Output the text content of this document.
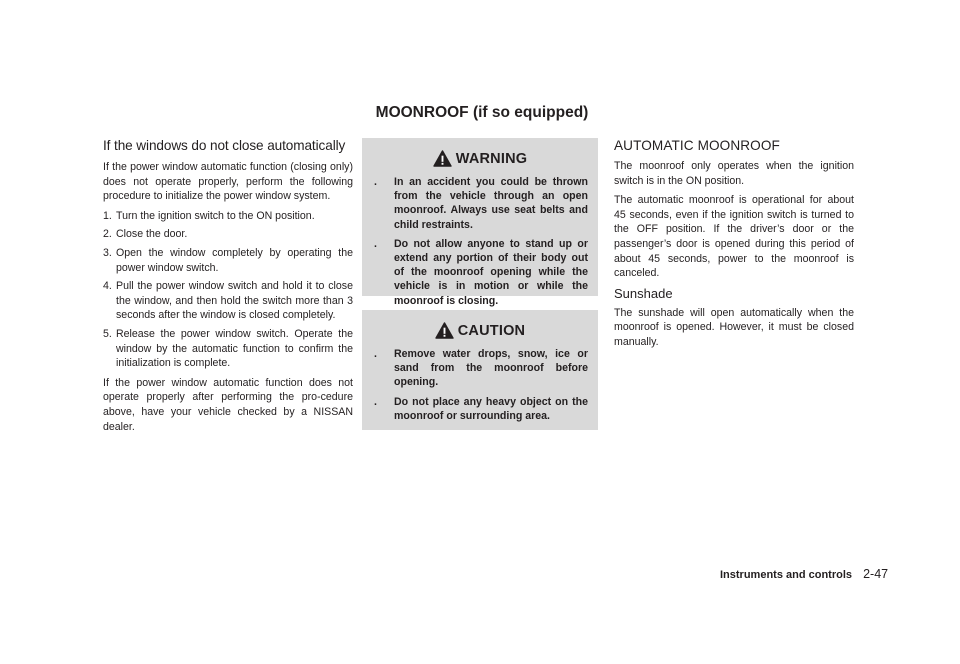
MOONROOF (if so equipped)
If the windows do not close automatically

If the power window automatic function (closing only) does not operate properly, perform the following procedure to initialize the power window system.

1. Turn the ignition switch to the ON position.
2. Close the door.
3. Open the window completely by operating the power window switch.
4. Pull the power window switch and hold it to close the window, and then hold the switch more than 3 seconds after the window is closed completely.
5. Release the power window switch. Operate the window by the automatic function to confirm the initialization is complete.

If the power window automatic function does not operate properly after performing the pro-cedure above, have your vehicle checked by a NISSAN dealer.

WARNING
.	In an accident you could be thrown from the vehicle through an open moonroof. Always use seat belts and child restraints.
.	Do not allow anyone to stand up or extend any portion of their body out of the moonroof opening while the vehicle is in motion or while the moonroof is closing.
CAUTION
.	Remove water drops, snow, ice or sand from the moonroof before opening.
.	Do not place any heavy object on the moonroof or surrounding area.
AUTOMATIC MOONROOF

The moonroof only operates when the ignition switch is in the ON position.

The automatic moonroof is operational for about 45 seconds, even if the ignition switch is turned to the OFF position. If the driver’s door or the passenger’s door is opened during this period of about 45 seconds, power to the moonroof is canceled.

Sunshade

The sunshade will open automatically when the moonroof is opened. However, it must be closed manually.

Instruments and controls 2-47
